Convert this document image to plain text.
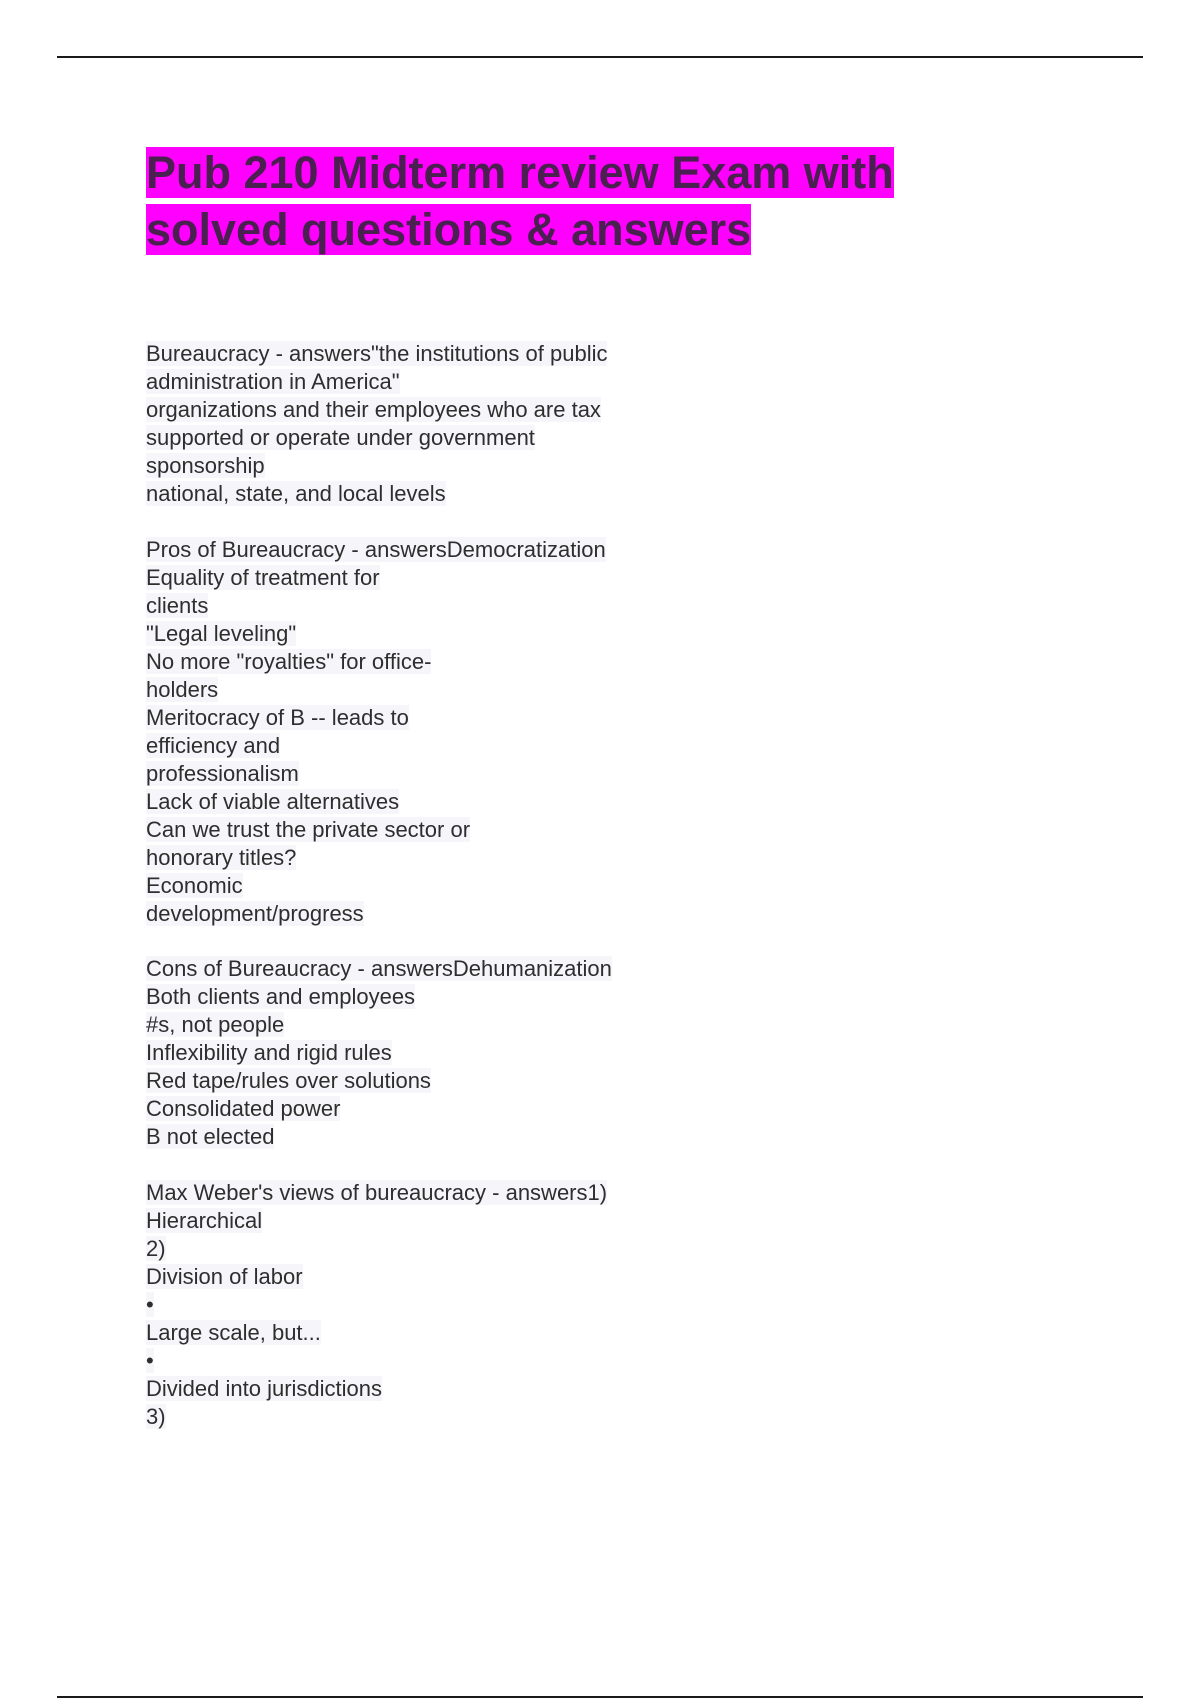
Pub 210 Midterm review Exam with
solved questions & answers
Bureaucracy - answers"the institutions of public
administration in America"
organizations and their employees who are tax
supported or operate under government
sponsorship
national, state, and local levels
Pros of Bureaucracy - answersDemocratization
Equality of treatment for
clients
"Legal leveling"
No more "royalties" for office-
holders
Meritocracy of B -- leads to
efficiency and
professionalism
Lack of viable alternatives
Can we trust the private sector or
honorary titles?
Economic
development/progress
Cons of Bureaucracy - answersDehumanization
Both clients and employees
#s, not people
Inflexibility and rigid rules
Red tape/rules over solutions
Consolidated power
B not elected
Max Weber's views of bureaucracy - answers1)
Hierarchical
2)
Division of labor
•
Large scale, but...
•
Divided into jurisdictions
3)
